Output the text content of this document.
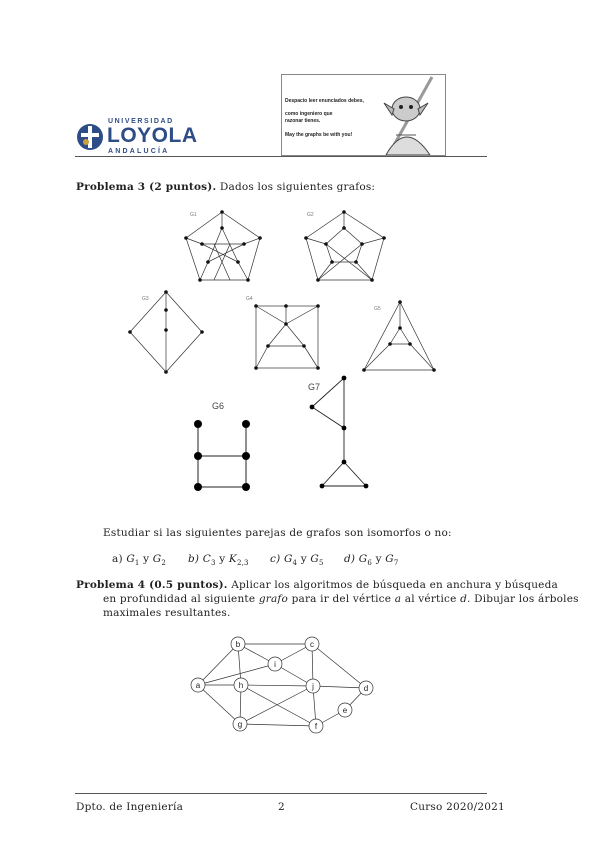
UNIVERSIDAD
LOYOLA
ANDALUCÍA
Despacio leer enunciados debes,
como ingeniero que razonar tienes.
May the graphs be with you!
Problema 3 (2 puntos). Dados los siguientes grafos:
G1	G2
G3	G4
G5
G6
G7
Estudiar si las siguientes parejas de grafos son isomorfos o no:
a) $G_1$ y $G_2$ b) $C_3$ y $K_{2,3}$ c) $G_4$ y $G_5$ d) $G_6$ y $G_7$
Problema 4 (0.5 puntos). Aplicar los algoritmos de búsqueda en anchura y búsqueda
en profundidad al siguiente grafo para ir del vértice a al vértice d. Dibujar los árboles
maximales resultantes.
a
b	c
d
e
f
g
h
i
j
Dpto. de Ingeniería	2	Curso 2020/2021
